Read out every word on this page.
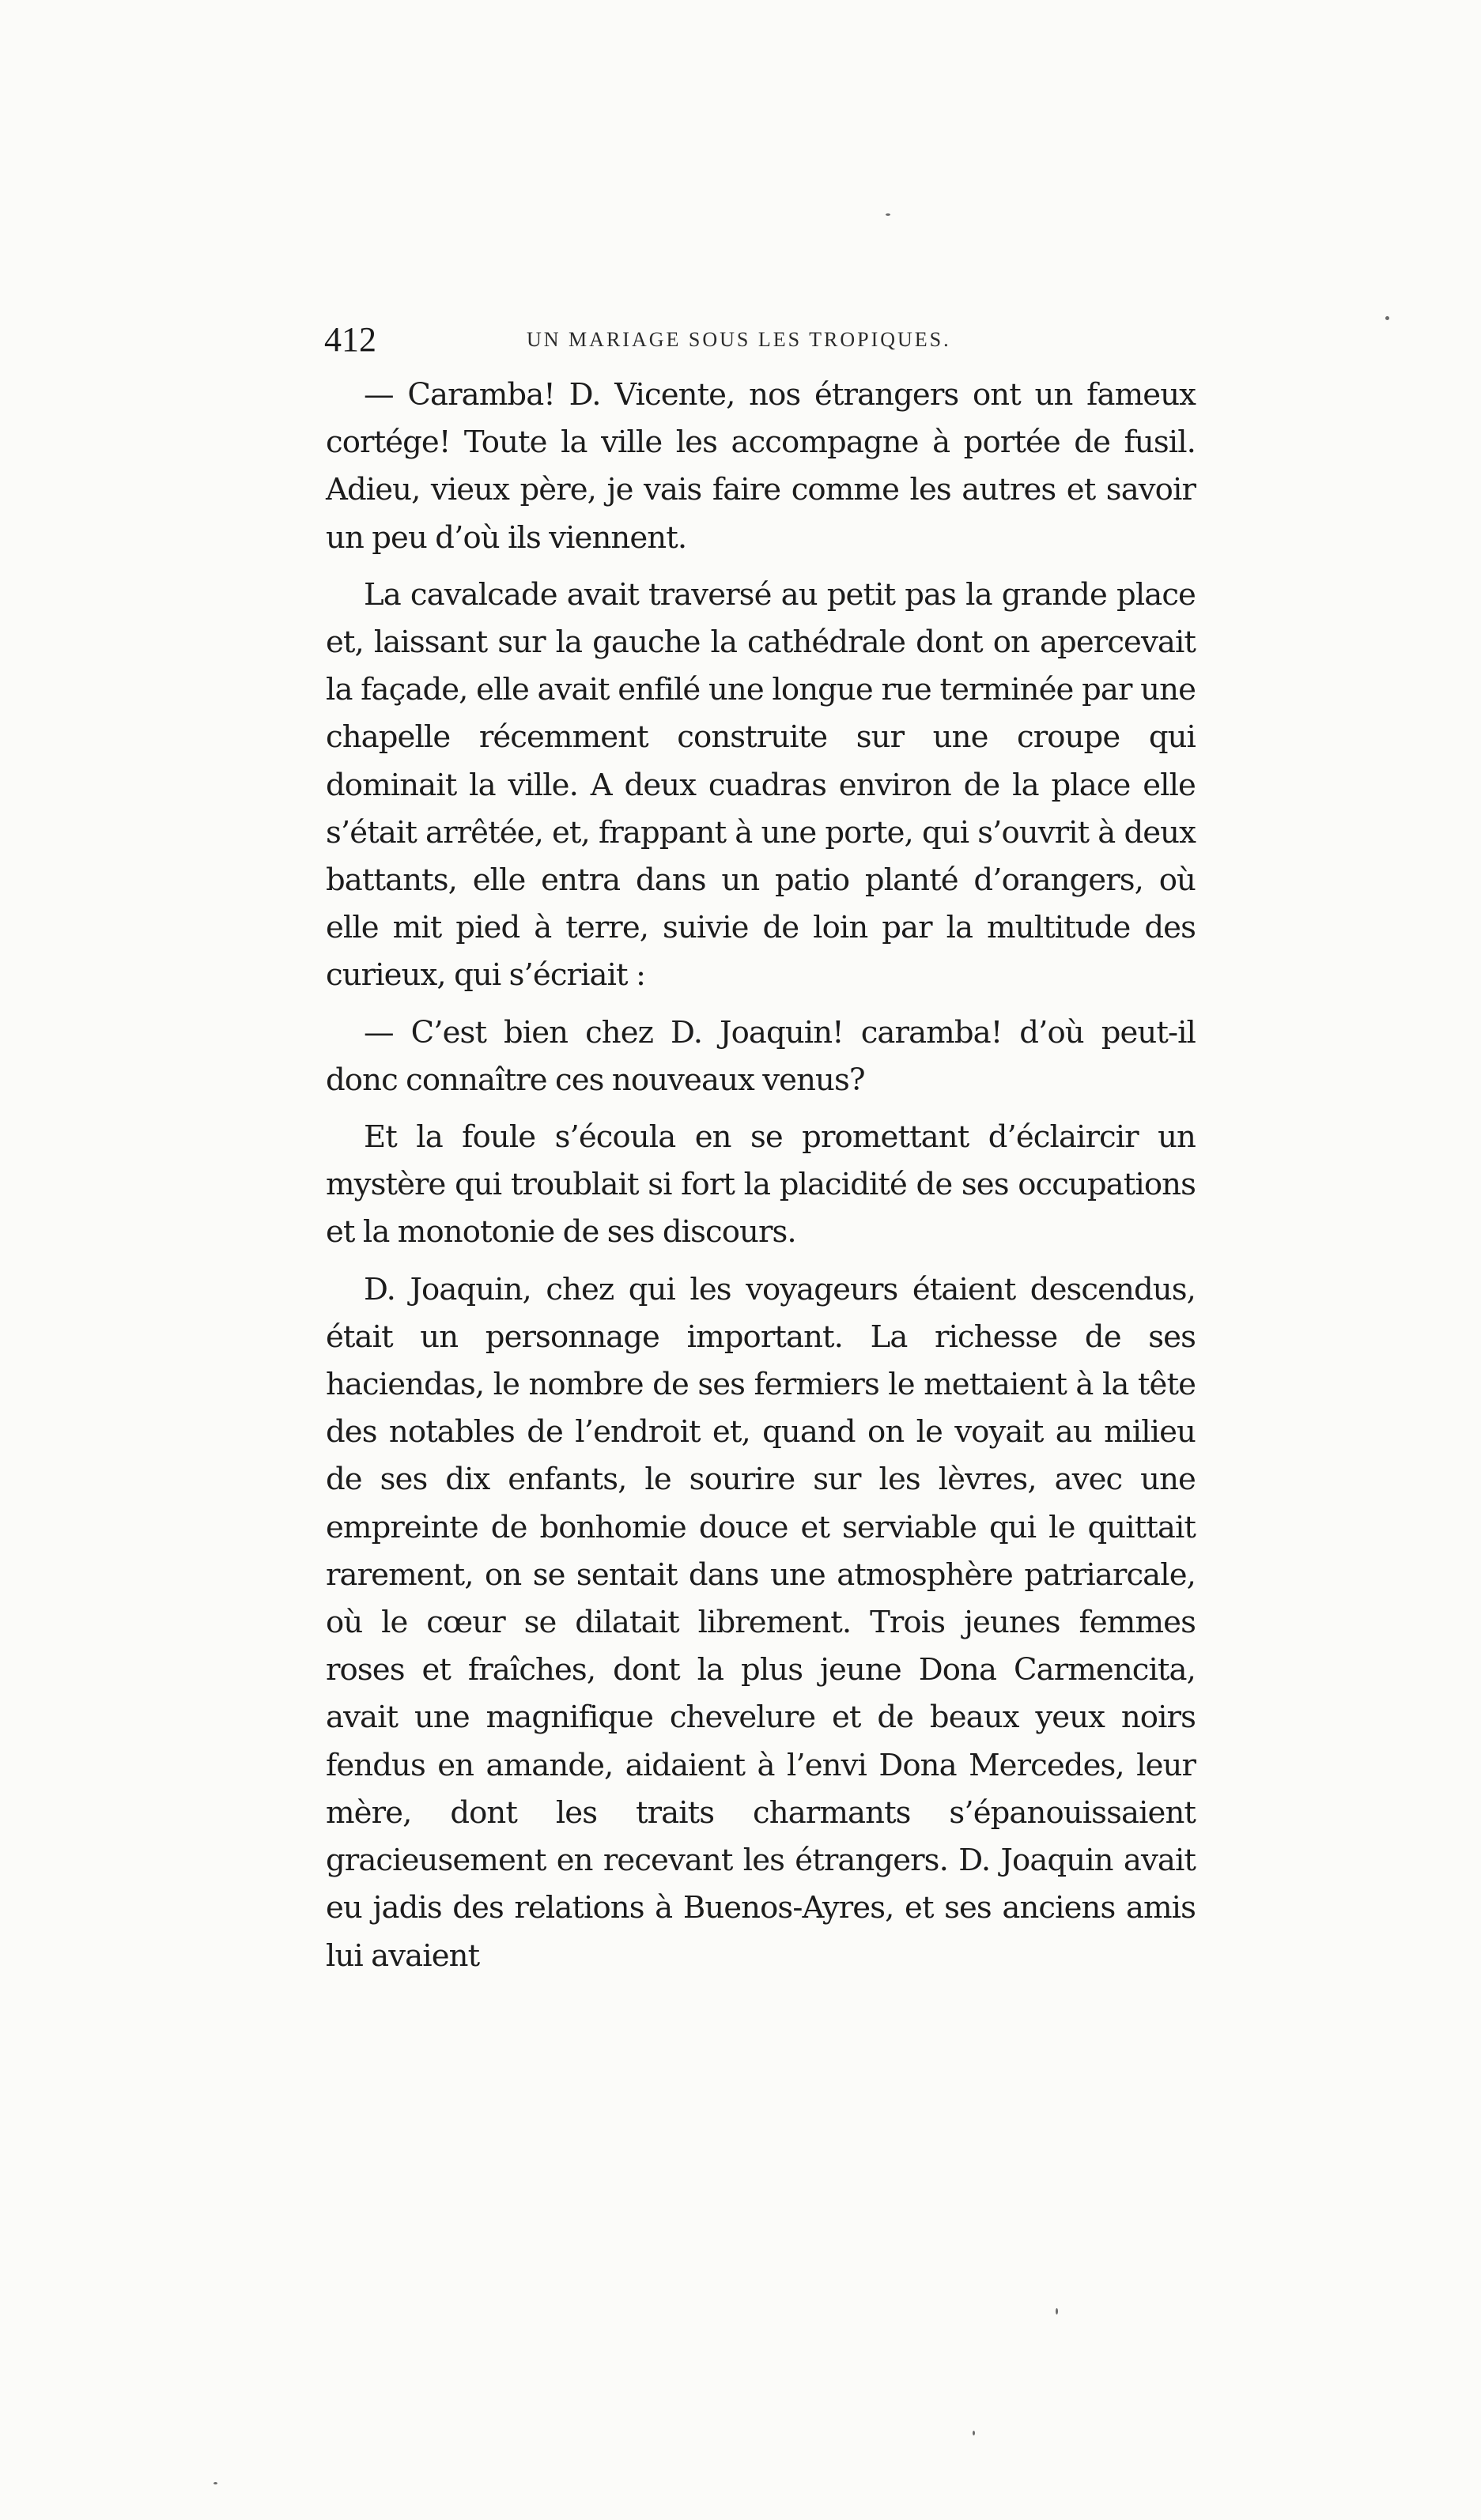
412	UN MARIAGE SOUS LES TROPIQUES.

— Caramba! D. Vicente, nos étrangers ont un fameux cortége! Toute la ville les accompagne à portée de fusil. Adieu, vieux père, je vais faire comme les autres et savoir un peu d’où ils viennent.

La cavalcade avait traversé au petit pas la grande place et, laissant sur la gauche la cathédrale dont on apercevait la façade, elle avait enfilé une longue rue terminée par une chapelle récemment construite sur une croupe qui dominait la ville. A deux cuadras environ de la place elle s’était arrêtée, et, frappant à une porte, qui s’ouvrit à deux battants, elle entra dans un patio planté d’orangers, où elle mit pied à terre, suivie de loin par la multitude des curieux, qui s’écriait :

— C’est bien chez D. Joaquin! caramba! d’où peut-il donc connaître ces nouveaux venus?

Et la foule s’écoula en se promettant d’éclaircir un mystère qui troublait si fort la placidité de ses occupations et la monotonie de ses discours.

D. Joaquin, chez qui les voyageurs étaient descendus, était un personnage important. La richesse de ses haciendas, le nombre de ses fermiers le mettaient à la tête des notables de l’endroit et, quand on le voyait au milieu de ses dix enfants, le sourire sur les lèvres, avec une empreinte de bonhomie douce et serviable qui le quittait rarement, on se sentait dans une atmosphère patriarcale, où le cœur se dilatait librement. Trois jeunes femmes roses et fraîches, dont la plus jeune Dona Carmencita, avait une magnifique chevelure et de beaux yeux noirs fendus en amande, aidaient à l’envi Dona Mercedes, leur mère, dont les traits charmants s’épanouissaient gracieusement en recevant les étrangers. D. Joaquin avait eu jadis des relations à Buenos-Ayres, et ses anciens amis lui avaient
